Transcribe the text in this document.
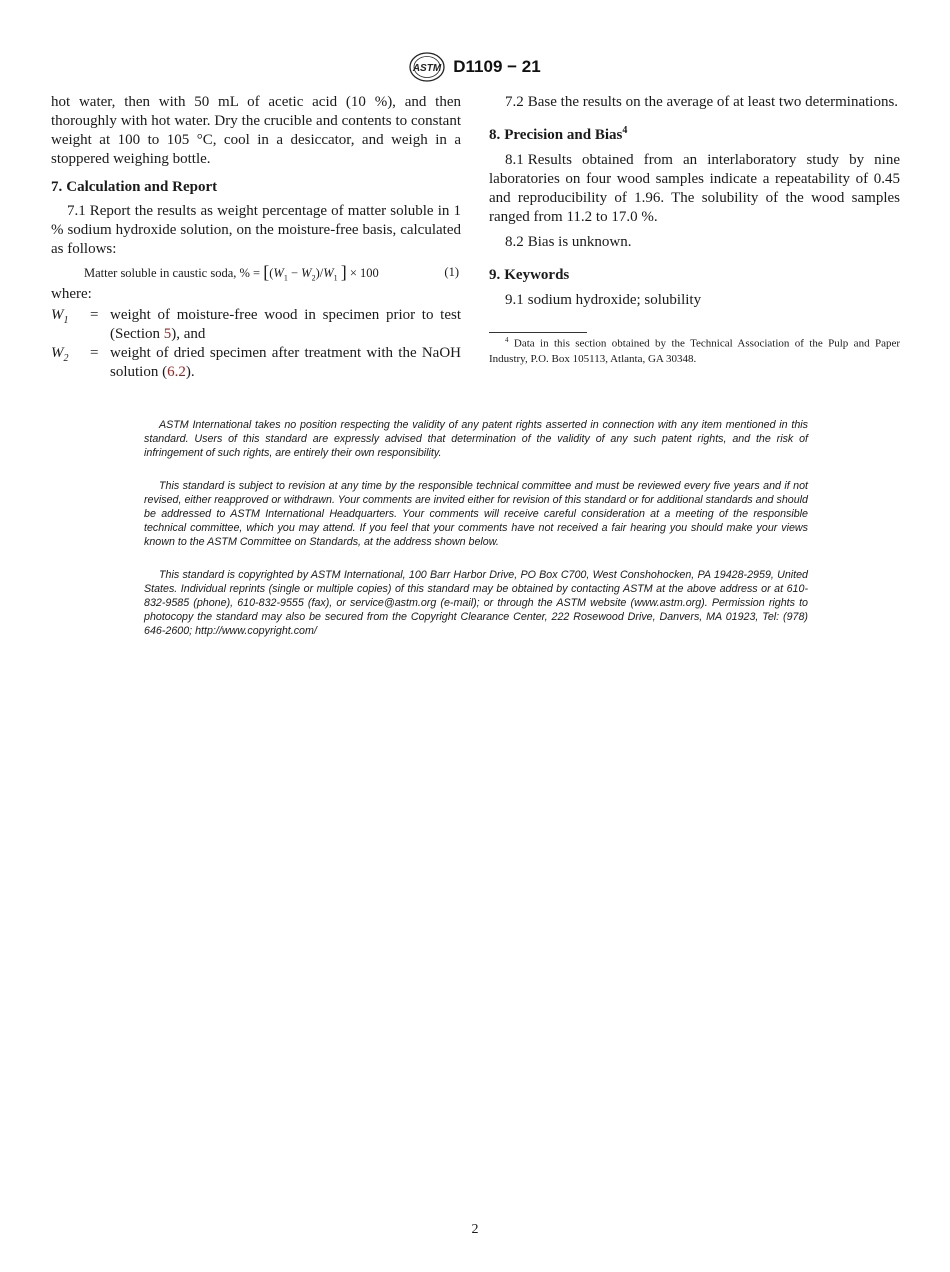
ASTM D1109 − 21

hot water, then with 50 mL of acetic acid (10 %), and then thoroughly with hot water. Dry the crucible and contents to constant weight at 100 to 105 °C, cool in a desiccator, and weigh in a stoppered weighing bottle.

7. Calculation and Report

7.1 Report the results as weight percentage of matter soluble in 1 % sodium hydroxide solution, on the moisture-free basis, calculated as follows:

Matter soluble in caustic soda, % = [$(W_1 - W_2)/W_1$ ] × 100	(1)

where:

$W_1$ = weight of moisture-free wood in specimen prior to test (Section 5), and
$W_2$ = weight of dried specimen after treatment with the NaOH solution (6.2).

7.2 Base the results on the average of at least two determinations.

8. Precision and Bias$^4$

8.1 Results obtained from an interlaboratory study by nine laboratories on four wood samples indicate a repeatability of 0.45 and reproducibility of 1.96. The solubility of the wood samples ranged from 11.2 to 17.0 %.

8.2 Bias is unknown.

9. Keywords

9.1 sodium hydroxide; solubility

$^4$ Data in this section obtained by the Technical Association of the Pulp and Paper Industry, P.O. Box 105113, Atlanta, GA 30348.

ASTM International takes no position respecting the validity of any patent rights asserted in connection with any item mentioned in this standard. Users of this standard are expressly advised that determination of the validity of any such patent rights, and the risk of infringement of such rights, are entirely their own responsibility.

This standard is subject to revision at any time by the responsible technical committee and must be reviewed every five years and if not revised, either reapproved or withdrawn. Your comments are invited either for revision of this standard or for additional standards and should be addressed to ASTM International Headquarters. Your comments will receive careful consideration at a meeting of the responsible technical committee, which you may attend. If you feel that your comments have not received a fair hearing you should make your views known to the ASTM Committee on Standards, at the address shown below.

This standard is copyrighted by ASTM International, 100 Barr Harbor Drive, PO Box C700, West Conshohocken, PA 19428-2959, United States. Individual reprints (single or multiple copies) of this standard may be obtained by contacting ASTM at the above address or at 610-832-9585 (phone), 610-832-9555 (fax), or service@astm.org (e-mail); or through the ASTM website (www.astm.org). Permission rights to photocopy the standard may also be secured from the Copyright Clearance Center, 222 Rosewood Drive, Danvers, MA 01923, Tel: (978) 646-2600; http://www.copyright.com/

2
